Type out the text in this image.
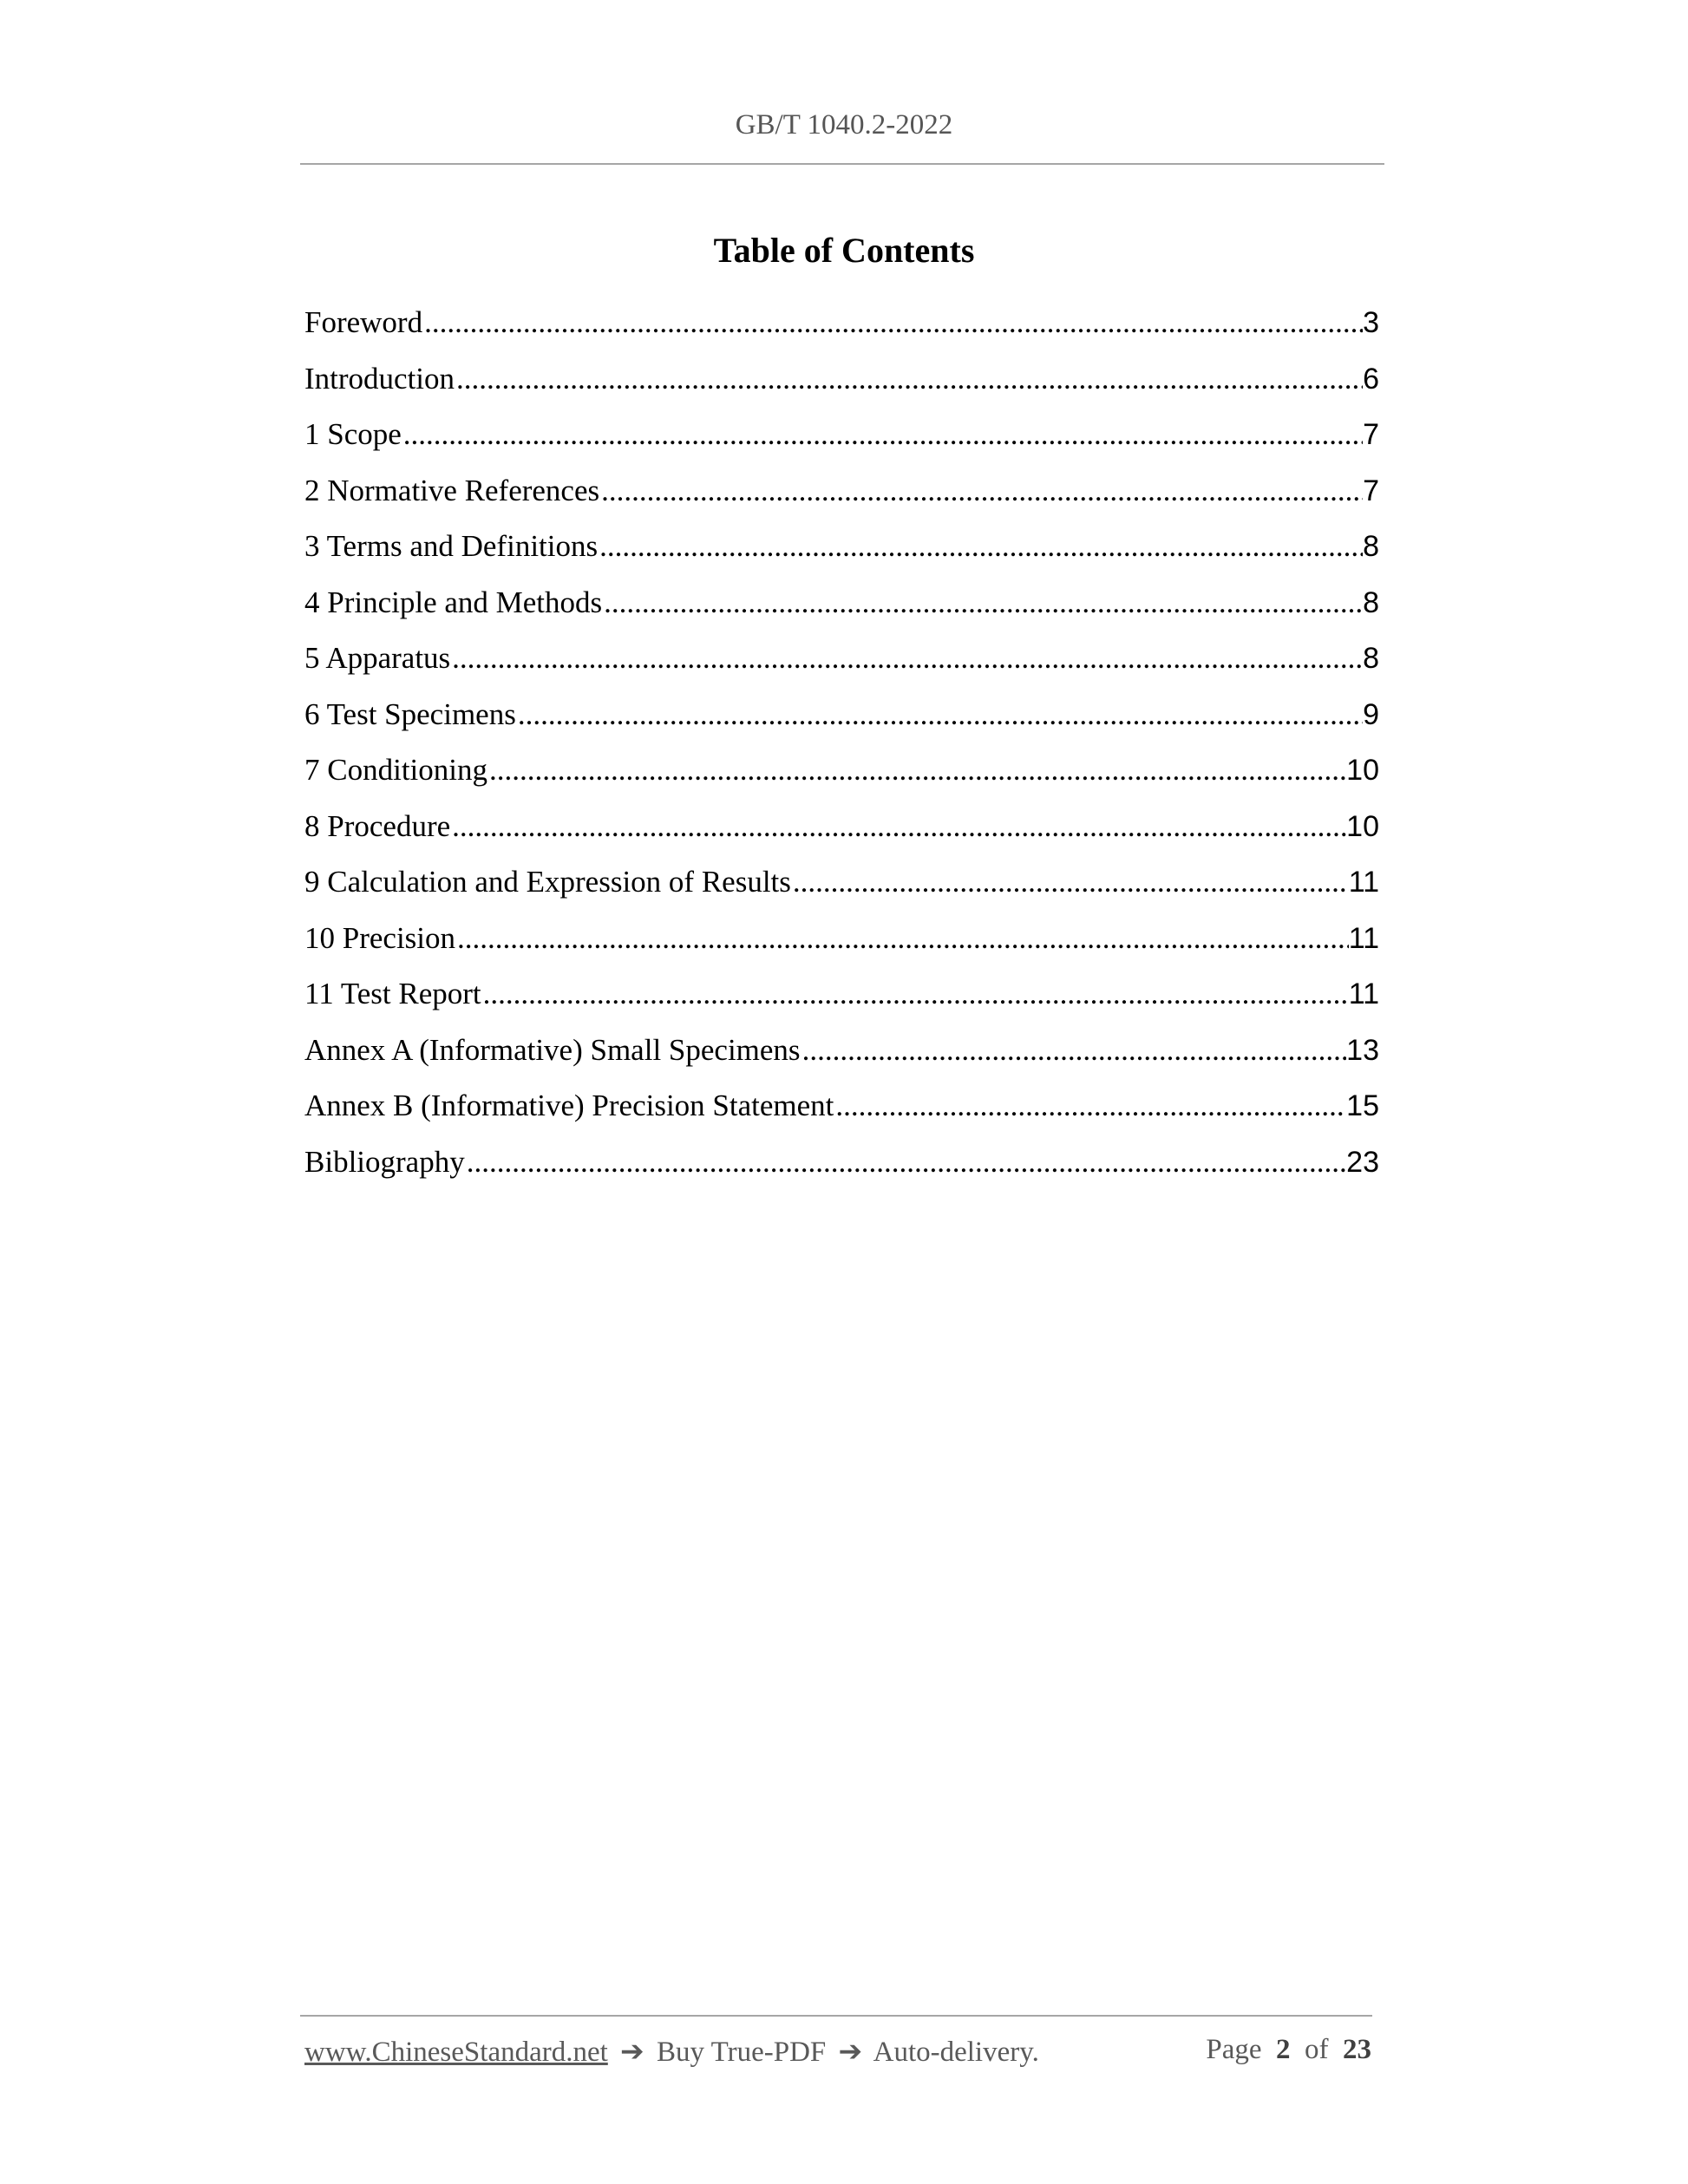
GB/T 1040.2-2022
Table of Contents
Foreword .....	3
Introduction .....	6
1 Scope .....	7
2 Normative References .....	7
3 Terms and Definitions .....	8
4 Principle and Methods .....	8
5 Apparatus .....	8
6 Test Specimens .....	9
7 Conditioning .....	10
8 Procedure .....	10
9 Calculation and Expression of Results .....	11
10 Precision .....	11
11 Test Report .....	11
Annex A (Informative) Small Specimens .....	13
Annex B (Informative) Precision Statement .....	15
Bibliography .....	23
www.ChineseStandard.net ➔ Buy True-PDF ➔ Auto-delivery.	Page 2 of 23
